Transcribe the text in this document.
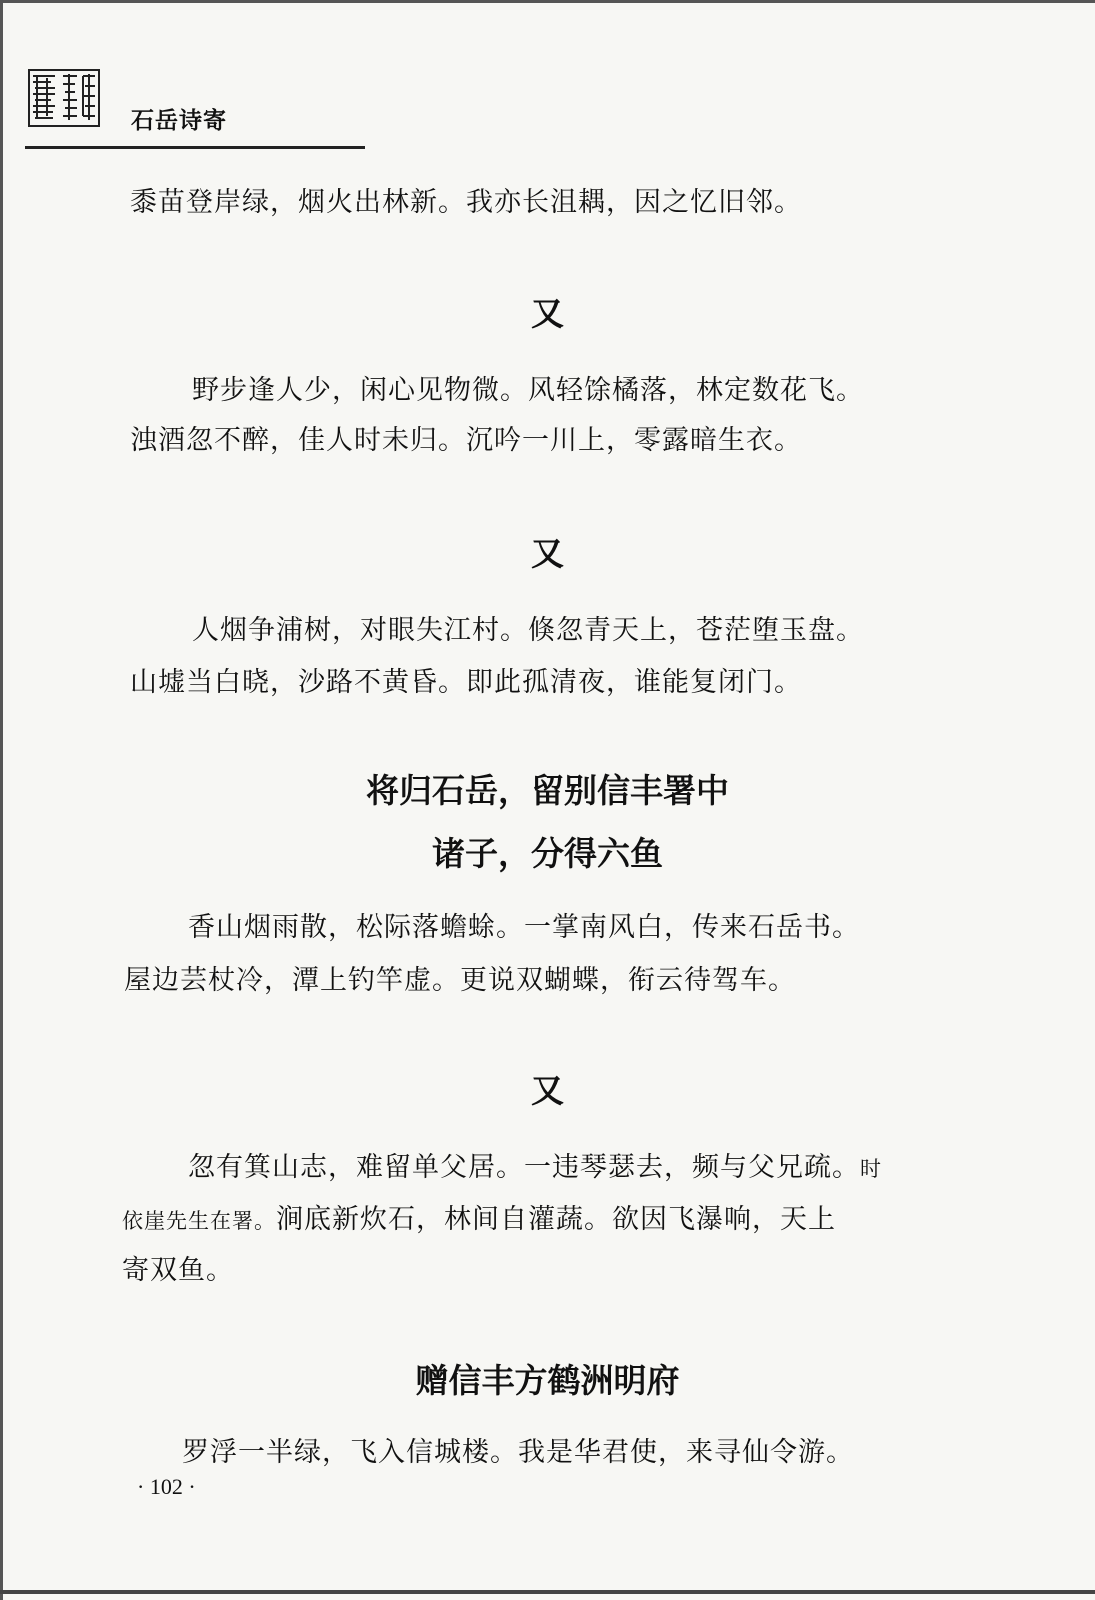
石岳诗寄
黍苗登岸绿，烟火出林新。我亦长沮耦，因之忆旧邻。
又
野步逢人少，闲心见物微。风轻馀橘落，林定数花飞。
浊酒忽不醉，佳人时未归。沉吟一川上，零露暗生衣。
又
人烟争浦树，对眼失江村。倏忽青天上，苍茫堕玉盘。
山墟当白晓，沙路不黄昏。即此孤清夜，谁能复闭门。
将归石岳，留别信丰署中
诸子，分得六鱼
香山烟雨散，松际落蟾蜍。一掌南风白，传来石岳书。
屋边芸杖冷，潭上钓竿虚。更说双蝴蝶，衔云待驾车。
又
忽有箕山志，难留单父居。一违琴瑟去，频与父兄疏。时
依崖先生在署。涧底新炊石，林间自灌蔬。欲因飞瀑响，天上
寄双鱼。
赠信丰方鹤洲明府
罗浮一半绿，飞入信城楼。我是华君使，来寻仙令游。
· 102 ·
